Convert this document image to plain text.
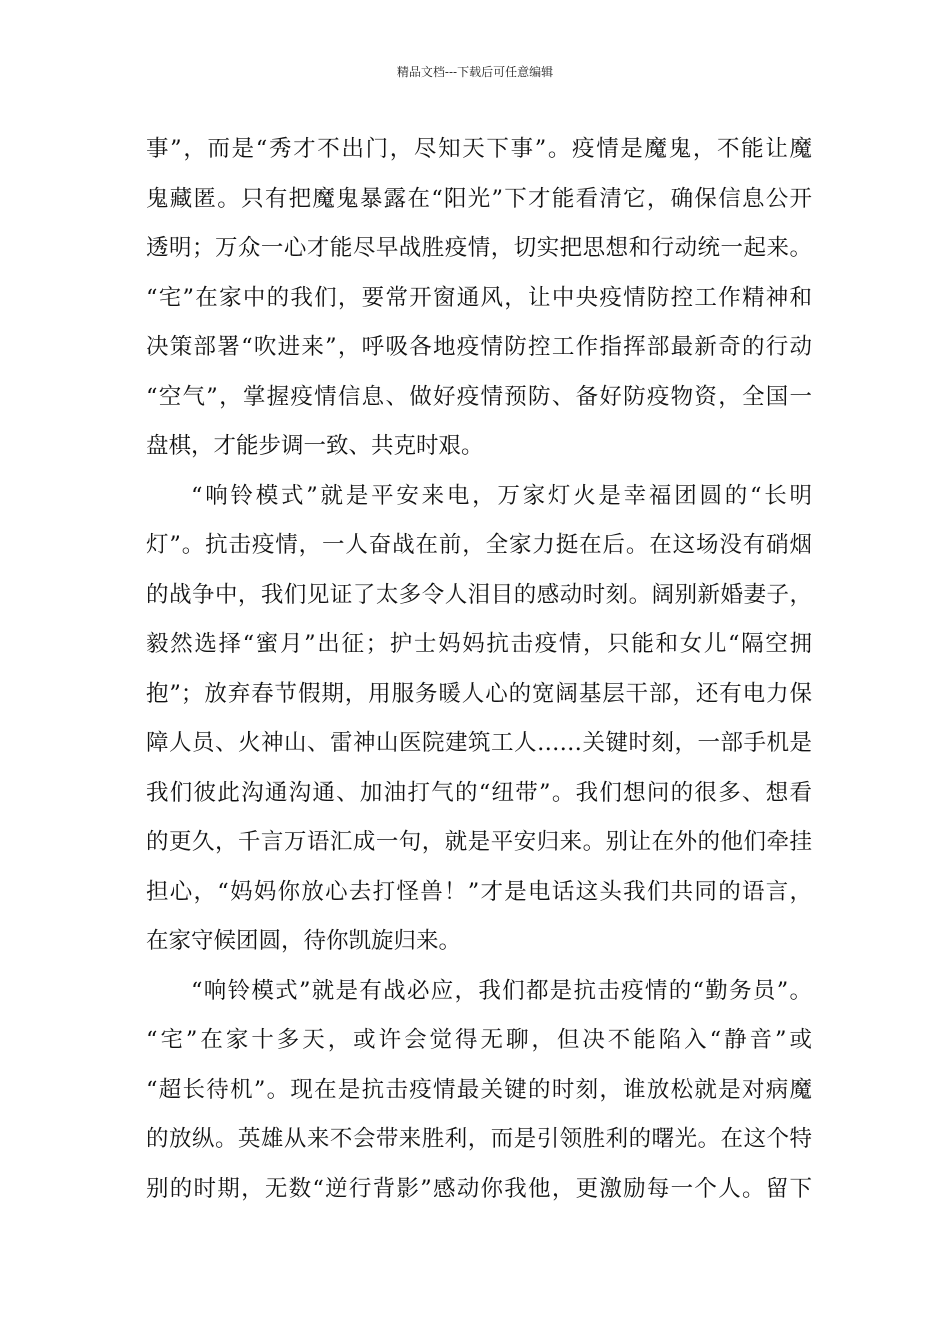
精品文档---下载后可任意编辑

事”，而是“秀才不出门，尽知天下事”。疫情是魔鬼，不能让魔
鬼藏匿。只有把魔鬼暴露在“阳光”下才能看清它，确保信息公开
透明；万众一心才能尽早战胜疫情，切实把思想和行动统一起来。
“宅”在家中的我们，要常开窗通风，让中央疫情防控工作精神和
决策部署“吹进来”，呼吸各地疫情防控工作指挥部最新奇的行动
“空气”，掌握疫情信息、做好疫情预防、备好防疫物资，全国一
盘棋，才能步调一致、共克时艰。

“响铃模式”就是平安来电，万家灯火是幸福团圆的“长明
灯”。抗击疫情，一人奋战在前，全家力挺在后。在这场没有硝烟
的战争中，我们见证了太多令人泪目的感动时刻。阔别新婚妻子，
毅然选择“蜜月”出征；护士妈妈抗击疫情，只能和女儿“隔空拥
抱”；放弃春节假期，用服务暖人心的宽阔基层干部，还有电力保
障人员、火神山、雷神山医院建筑工人……关键时刻，一部手机是
我们彼此沟通沟通、加油打气的“纽带”。我们想问的很多、想看
的更久，千言万语汇成一句，就是平安归来。别让在外的他们牵挂
担心，“妈妈你放心去打怪兽！”才是电话这头我们共同的语言，
在家守候团圆，待你凯旋归来。

“响铃模式”就是有战必应，我们都是抗击疫情的“勤务员”。
“宅”在家十多天，或许会觉得无聊，但决不能陷入“静音”或
“超长待机”。现在是抗击疫情最关键的时刻，谁放松就是对病魔
的放纵。英雄从来不会带来胜利，而是引领胜利的曙光。在这个特
别的时期，无数“逆行背影”感动你我他，更激励每一个人。留下
